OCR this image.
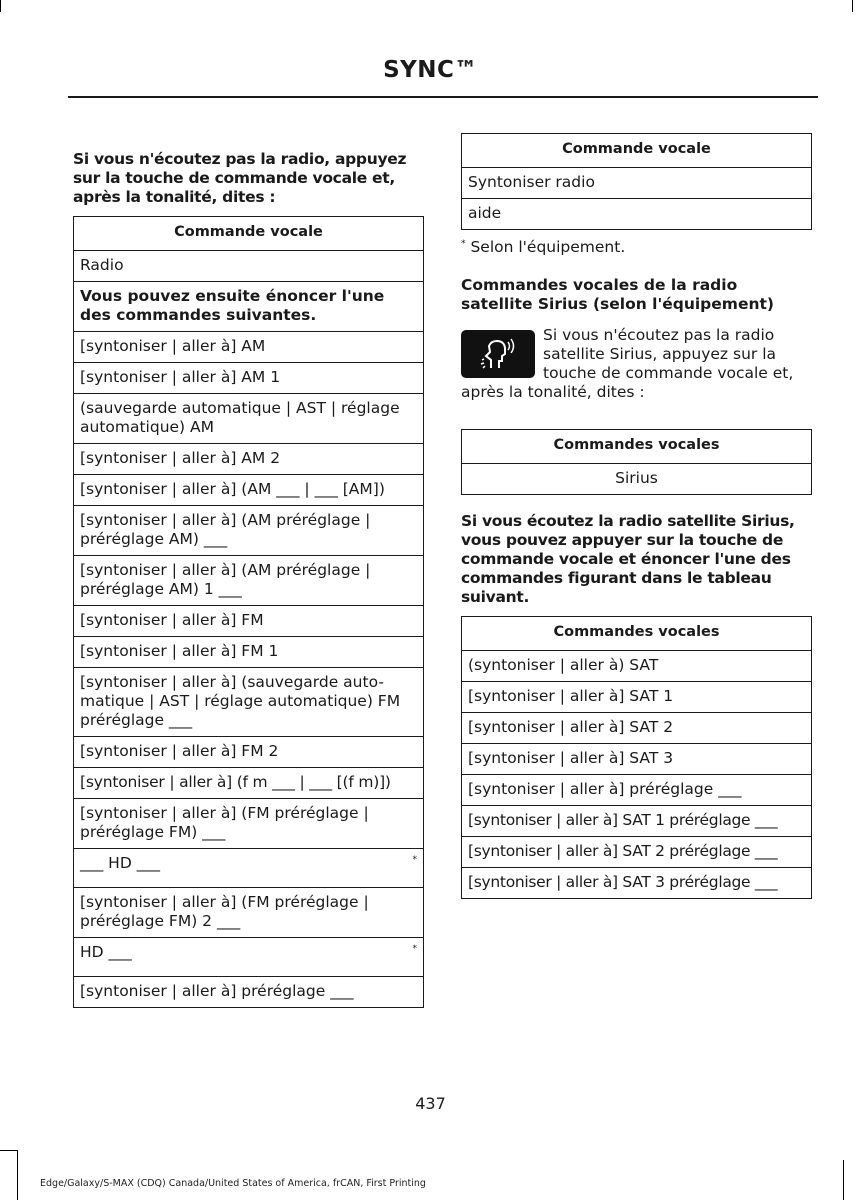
SYNC™
Si vous n'écoutez pas la radio, appuyez sur la touche de commande vocale et, après la tonalité, dites :
Commande vocale
Radio
Vous pouvez ensuite énoncer l'une des commandes suivantes.
[syntoniser | aller à] AM
[syntoniser | aller à] AM 1
(sauvegarde automatique | AST | réglage automatique) AM
[syntoniser | aller à] AM 2
[syntoniser | aller à] (AM ___ | ___ [AM])
[syntoniser | aller à] (AM préréglage | préréglage AM) ___
[syntoniser | aller à] (AM préréglage | préréglage AM) 1 ___
[syntoniser | aller à] FM
[syntoniser | aller à] FM 1
[syntoniser | aller à] (sauvegarde auto-matique | AST | réglage automatique) FM préréglage ___
[syntoniser | aller à] FM 2
[syntoniser | aller à] (f m ___ | ___ [(f m)])
[syntoniser | aller à] (FM préréglage | préréglage FM) ___

*
___ HD ___
[syntoniser | aller à] (FM préréglage | préréglage FM) 2 ___

*
HD ___
[syntoniser | aller à] préréglage ___
Commande vocale
Syntoniser radio
aide
* Selon l'équipement.
Commandes vocales de la radio satellite Sirius (selon l'équipement)
Si vous n'écoutez pas la radio satellite Sirius, appuyez sur la touche de commande vocale et, après la tonalité, dites :
Commandes vocales
Sirius
Si vous écoutez la radio satellite Sirius, vous pouvez appuyer sur la touche de commande vocale et énoncer l'une des commandes figurant dans le tableau suivant.
Commandes vocales
(syntoniser | aller à) SAT
[syntoniser | aller à] SAT 1
[syntoniser | aller à] SAT 2
[syntoniser | aller à] SAT 3
[syntoniser | aller à] préréglage ___
[syntoniser | aller à] SAT 1 préréglage ___
[syntoniser | aller à] SAT 2 préréglage ___
[syntoniser | aller à] SAT 3 préréglage ___
437
Edge/Galaxy/S-MAX (CDQ) Canada/United States of America, frCAN, First Printing
